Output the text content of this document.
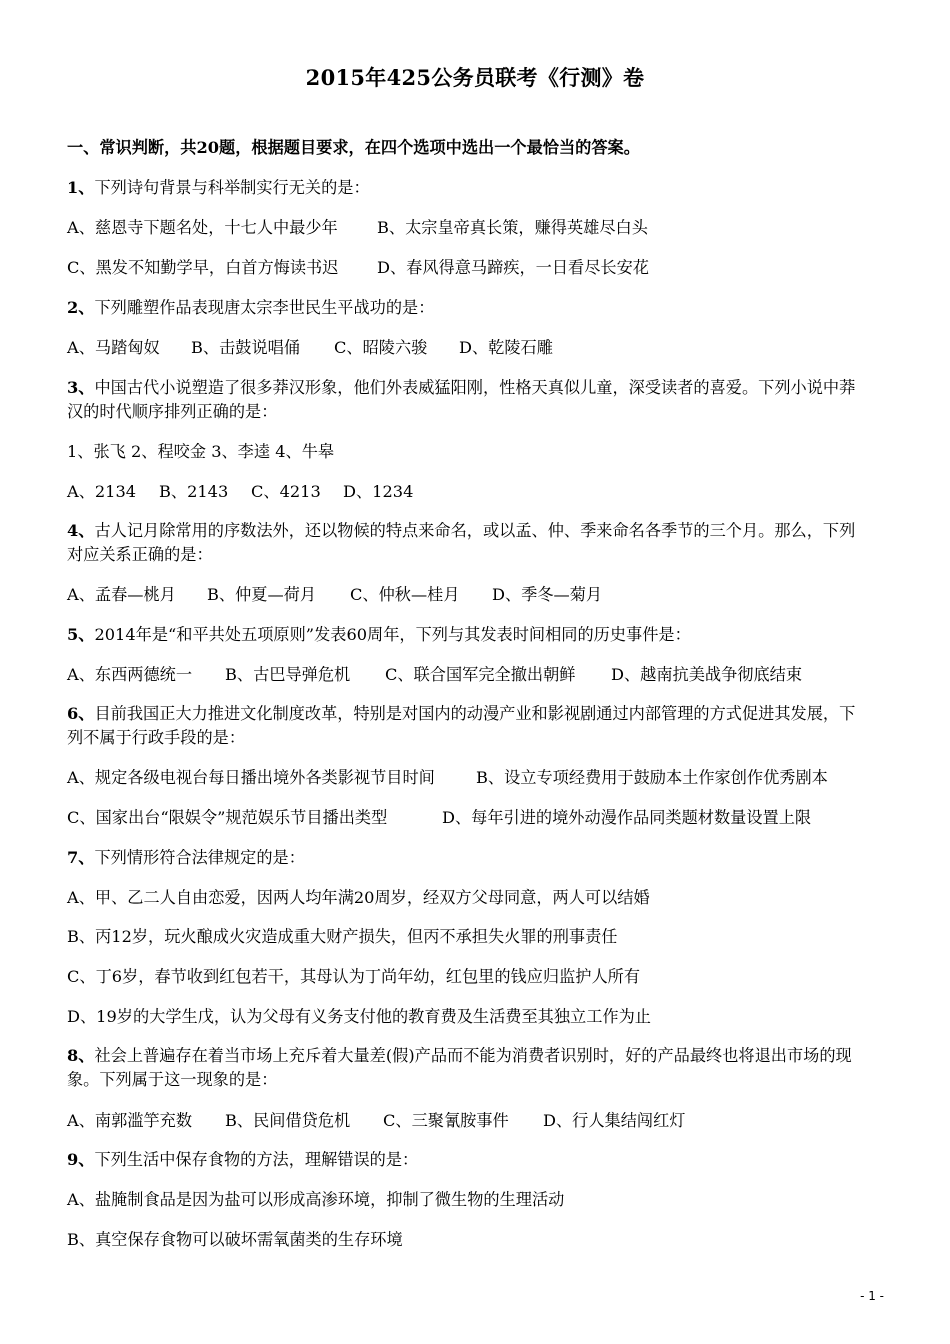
2015年425公务员联考《行测》卷
一、常识判断，共20题，根据题目要求，在四个选项中选出一个最恰当的答案。
1、下列诗句背景与科举制实行无关的是：
A、慈恩寺下题名处，十七人中最少年 B、太宗皇帝真长策，赚得英雄尽白头
C、黑发不知勤学早，白首方悔读书迟 D、春风得意马蹄疾，一日看尽长安花
2、下列雕塑作品表现唐太宗李世民生平战功的是：
A、马踏匈奴 B、击鼓说唱俑 C、昭陵六骏 D、乾陵石雕
3、中国古代小说塑造了很多莽汉形象，他们外表威猛阳刚，性格天真似儿童，深受读者的喜爱。下列小说中莽
汉的时代顺序排列正确的是：
1、张飞 2、程咬金 3、李逵 4、牛皋
A、2134 B、2143 C、4213 D、1234
4、古人记月除常用的序数法外，还以物候的特点来命名，或以孟、仲、季来命名各季节的三个月。那么，下列
对应关系正确的是：
A、孟春—桃月 B、仲夏—荷月 C、仲秋—桂月 D、季冬—菊月
5、2014年是“和平共处五项原则”发表60周年，下列与其发表时间相同的历史事件是：
A、东西两德统一 B、古巴导弹危机 C、联合国军完全撤出朝鲜 D、越南抗美战争彻底结束
6、目前我国正大力推进文化制度改革，特别是对国内的动漫产业和影视剧通过内部管理的方式促进其发展，下
列不属于行政手段的是：
A、规定各级电视台每日播出境外各类影视节目时间	B、设立专项经费用于鼓励本土作家创作优秀剧本
C、国家出台“限娱令”规范娱乐节目播出类型	D、每年引进的境外动漫作品同类题材数量设置上限
7、下列情形符合法律规定的是：
A、甲、乙二人自由恋爱，因两人均年满20周岁，经双方父母同意，两人可以结婚
B、丙12岁，玩火酿成火灾造成重大财产损失，但丙不承担失火罪的刑事责任
C、丁6岁，春节收到红包若干，其母认为丁尚年幼，红包里的钱应归监护人所有
D、19岁的大学生戊，认为父母有义务支付他的教育费及生活费至其独立工作为止
8、社会上普遍存在着当市场上充斥着大量差(假)产品而不能为消费者识别时，好的产品最终也将退出市场的现
象。下列属于这一现象的是：
A、南郭滥竽充数 B、民间借贷危机 C、三聚氰胺事件 D、行人集结闯红灯
9、下列生活中保存食物的方法，理解错误的是：
A、盐腌制食品是因为盐可以形成高渗环境，抑制了微生物的生理活动
B、真空保存食物可以破坏需氧菌类的生存环境
- 1 -
